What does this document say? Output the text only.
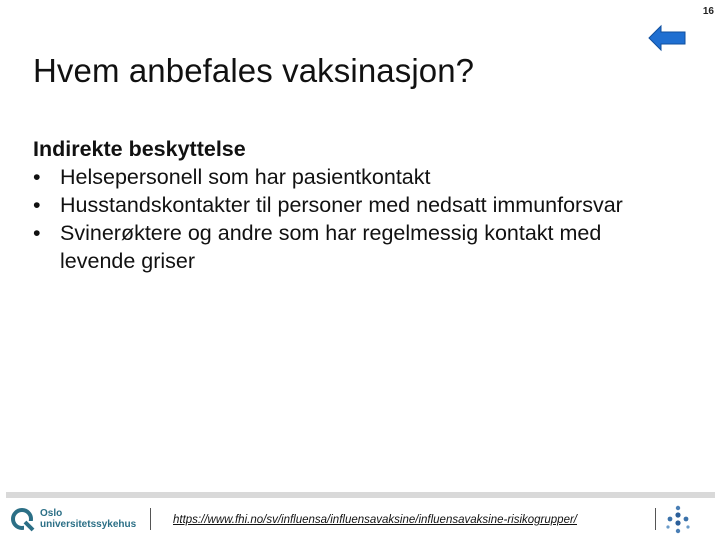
16
Hvem anbefales vaksinasjon?
Indirekte beskyttelse
• Helsepersonell som har pasientkontakt
• Husstandskontakter til personer med nedsatt immunforsvar
• Svinerøktere og andre som har regelmessig kontakt med levende griser
Oslo
universitetssykehus	https://www.fhi.no/sv/influensa/influensavaksine/influensavaksine-risikogrupper/
